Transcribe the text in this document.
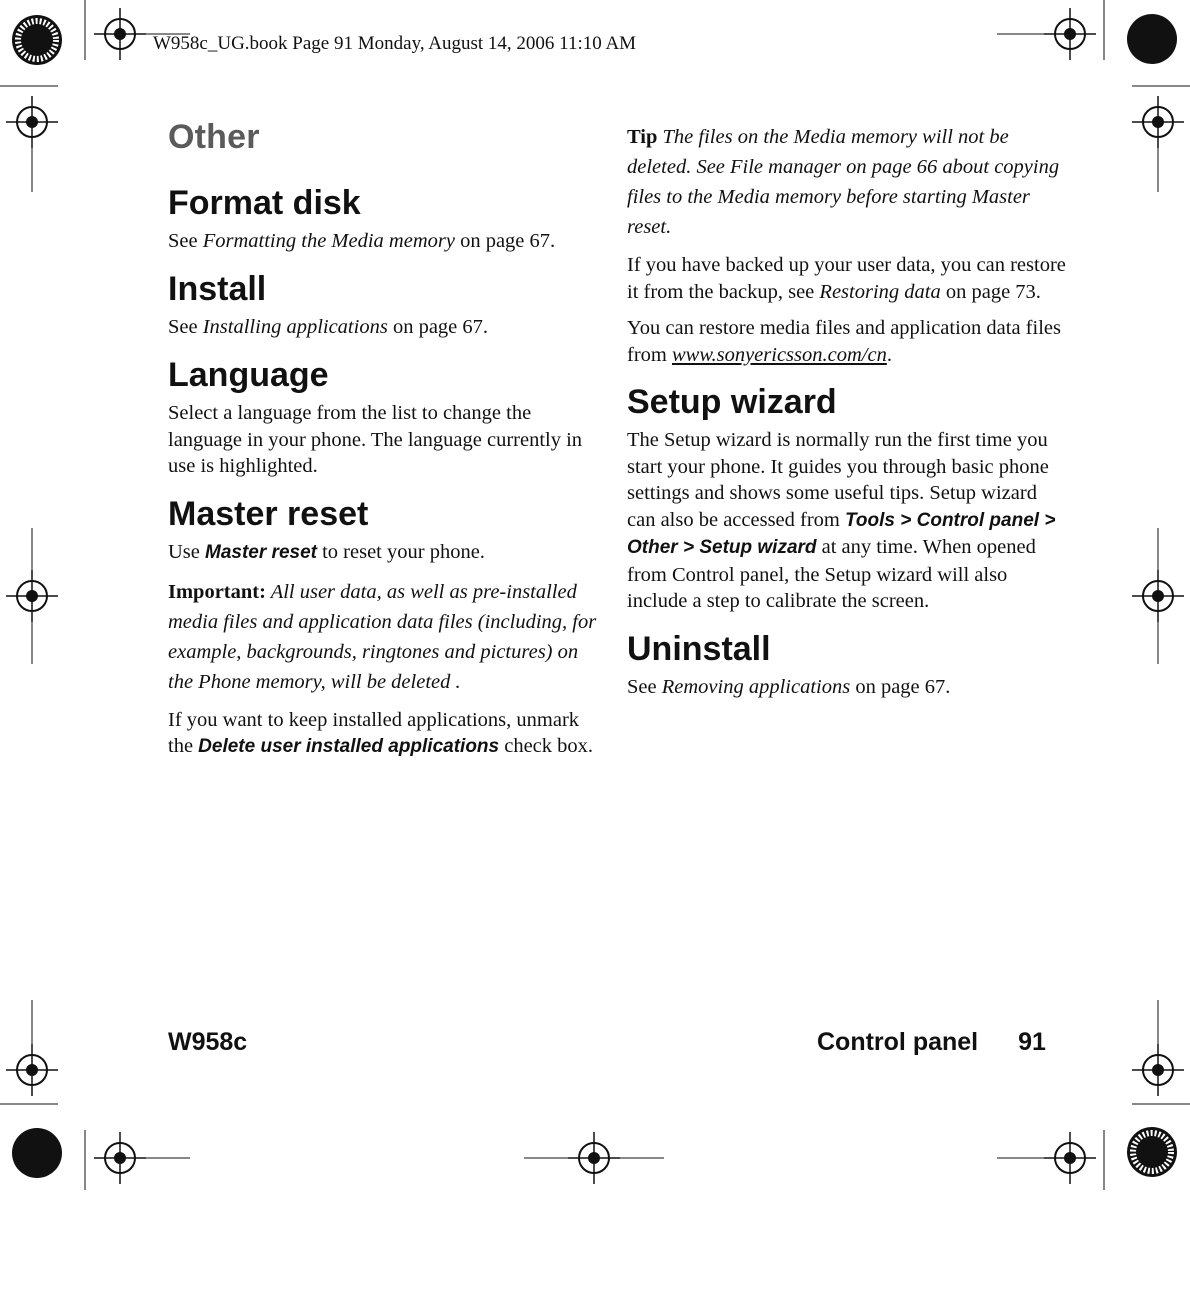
W958c_UG.book Page 91 Monday, August 14, 2006 11:10 AM
Other
Format disk

See Formatting the Media memory on page 67.

Install

See Installing applications on page 67.

Language

Select a language from the list to change the language in your phone. The language currently in use is highlighted.

Master reset

Use Master reset to reset your phone.

Important: All user data, as well as pre-installed media files and application data files (including, for example, backgrounds, ringtones and pictures) on the Phone memory, will be deleted .

If you want to keep installed applications, unmark the Delete user installed applications check box.

Tip The files on the Media memory will not be deleted. See File manager on page 66 about copying files to the Media memory before starting Master reset.

If you have backed up your user data, you can restore it from the backup, see Restoring data on page 73.

You can restore media files and application data files from www.sonyericsson.com/cn.

Setup wizard

The Setup wizard is normally run the first time you start your phone. It guides you through basic phone settings and shows some useful tips. Setup wizard can also be accessed from Tools > Control panel > Other > Setup wizard at any time. When opened from Control panel, the Setup wizard will also include a step to calibrate the screen.

Uninstall

See Removing applications on page 67.

W958c	Control panel 91
